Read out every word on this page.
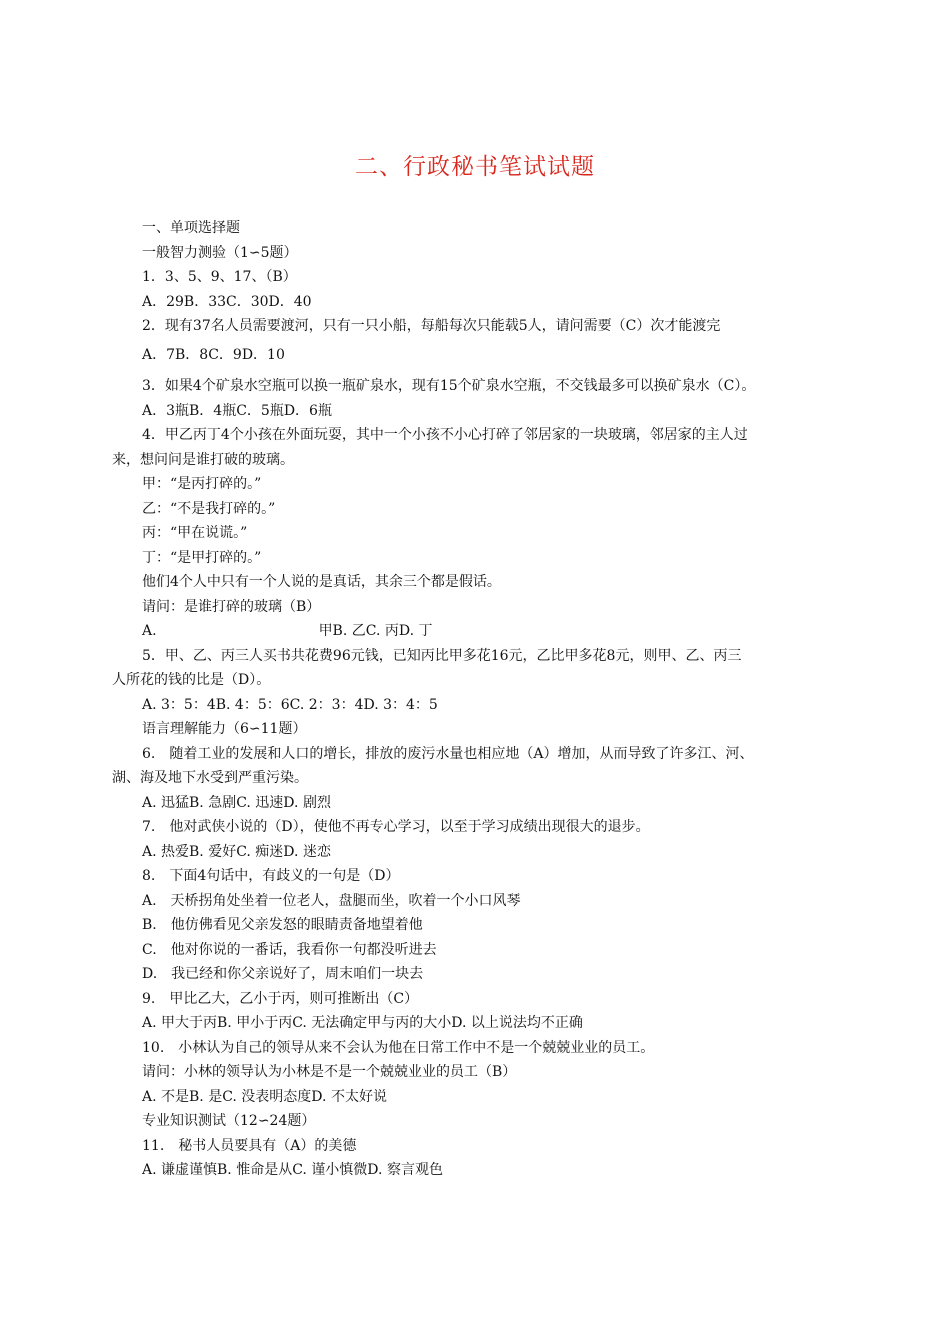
二、行政秘书笔试试题
一、单项选择题
一般智力测验（1∽5题）
1．3、5、9、17、（B）
A．29B．33C．30D．40
2．现有37名人员需要渡河，只有一只小船，每船每次只能载5人，请问需要（C）次才能渡完
A．7B．8C．9D．10
3．如果4个矿泉水空瓶可以换一瓶矿泉水，现有15个矿泉水空瓶，不交钱最多可以换矿泉水（C）。
A．3瓶B．4瓶C．5瓶D．6瓶
4．甲乙丙丁4个小孩在外面玩耍，其中一个小孩不小心打碎了邻居家的一块玻璃，邻居家的主人过
来，想问问是谁打破的玻璃。
甲：“是丙打碎的。”
乙：“不是我打碎的。”
丙：“甲在说谎。”
丁：“是甲打碎的。”
他们4个人中只有一个人说的是真话，其余三个都是假话。
请问：是谁打碎的玻璃（B）
A.	甲B. 乙C. 丙D. 丁
5．甲、乙、丙三人买书共花费96元钱，已知丙比甲多花16元，乙比甲多花8元，则甲、乙、丙三
人所花的钱的比是（D）。
A. 3：5：4B. 4：5：6C. 2：3：4D. 3：4：5
语言理解能力（6∽11题）
6.　随着工业的发展和人口的增长，排放的废污水量也相应地（A）增加，从而导致了许多江、河、
湖、海及地下水受到严重污染。
A. 迅猛B. 急剧C. 迅速D. 剧烈
7.　他对武侠小说的（D），使他不再专心学习，以至于学习成绩出现很大的退步。
A. 热爱B. 爱好C. 痴迷D. 迷恋
8.　下面4句话中，有歧义的一句是（D）
A.　天桥拐角处坐着一位老人，盘腿而坐，吹着一个小口风琴
B.　他仿佛看见父亲发怒的眼睛责备地望着他
C.　他对你说的一番话，我看你一句都没听进去
D.　我已经和你父亲说好了，周末咱们一块去
9.　甲比乙大，乙小于丙，则可推断出（C）
A. 甲大于丙B. 甲小于丙C. 无法确定甲与丙的大小D. 以上说法均不正确
10.　小林认为自己的领导从来不会认为他在日常工作中不是一个兢兢业业的员工。
请问：小林的领导认为小林是不是一个兢兢业业的员工（B）
A. 不是B. 是C. 没表明态度D. 不太好说
专业知识测试（12∽24题）
11.　秘书人员要具有（A）的美德
A. 谦虚谨慎B. 惟命是从C. 谨小慎微D. 察言观色
